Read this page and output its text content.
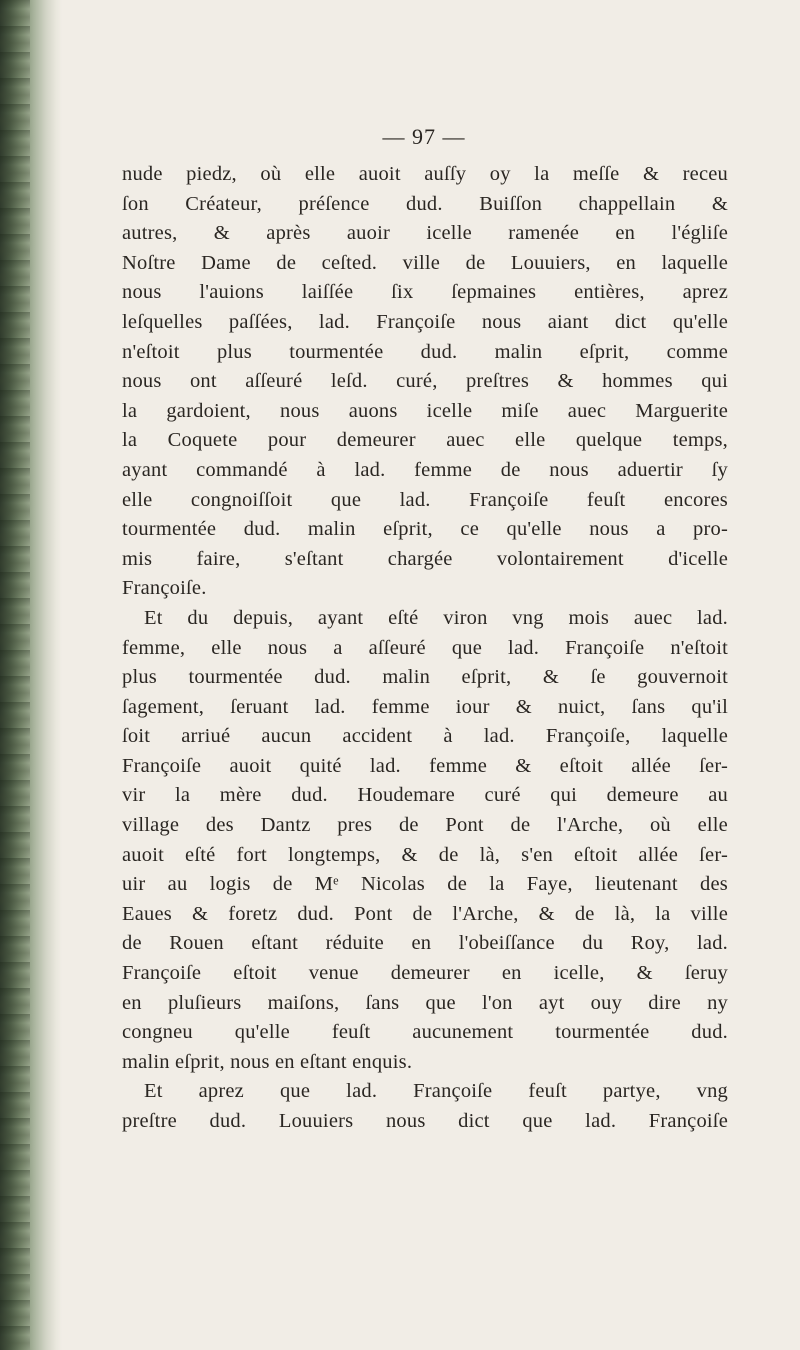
— 97 —
nude piedz, où elle auoit auſſy oy la meſſe & receu
ſon Créateur, préſence dud. Buiſſon chappellain &
autres, & après auoir icelle ramenée en l'égliſe
Noſtre Dame de ceſted. ville de Louuiers, en laquelle
nous l'auions laiſſée ſix ſepmaines entières, aprez
leſquelles paſſées, lad. Françoiſe nous aiant dict qu'elle
n'eſtoit plus tourmentée dud. malin eſprit, comme
nous ont aſſeuré leſd. curé, preſtres & hommes qui
la gardoient, nous auons icelle miſe auec Marguerite
la Coquete pour demeurer auec elle quelque temps,
ayant commandé à lad. femme de nous aduertir ſy
elle congnoiſſoit que lad. Françoiſe feuſt encores
tourmentée dud. malin eſprit, ce qu'elle nous a pro-
mis faire, s'eſtant chargée volontairement d'icelle
Françoiſe.
Et du depuis, ayant eſté viron vng mois auec lad.
femme, elle nous a aſſeuré que lad. Françoiſe n'eſtoit
plus tourmentée dud. malin eſprit, & ſe gouvernoit
ſagement, ſeruant lad. femme iour & nuict, ſans qu'il
ſoit arriué aucun accident à lad. Françoiſe, laquelle
Françoiſe auoit quité lad. femme & eſtoit allée ſer-
vir la mère dud. Houdemare curé qui demeure au
village des Dantz pres de Pont de l'Arche, où elle
auoit eſté fort longtemps, & de là, s'en eſtoit allée ſer-
uir au logis de Mᵉ Nicolas de la Faye, lieutenant des
Eaues & foretz dud. Pont de l'Arche, & de là, la ville
de Rouen eſtant réduite en l'obeiſſance du Roy, lad.
Françoiſe eſtoit venue demeurer en icelle, & ſeruy
en pluſieurs maiſons, ſans que l'on ayt ouy dire ny
congneu qu'elle feuſt aucunement tourmentée dud.
malin eſprit, nous en eſtant enquis.
Et aprez que lad. Françoiſe feuſt partye, vng
preſtre dud. Louuiers nous dict que lad. Françoiſe
